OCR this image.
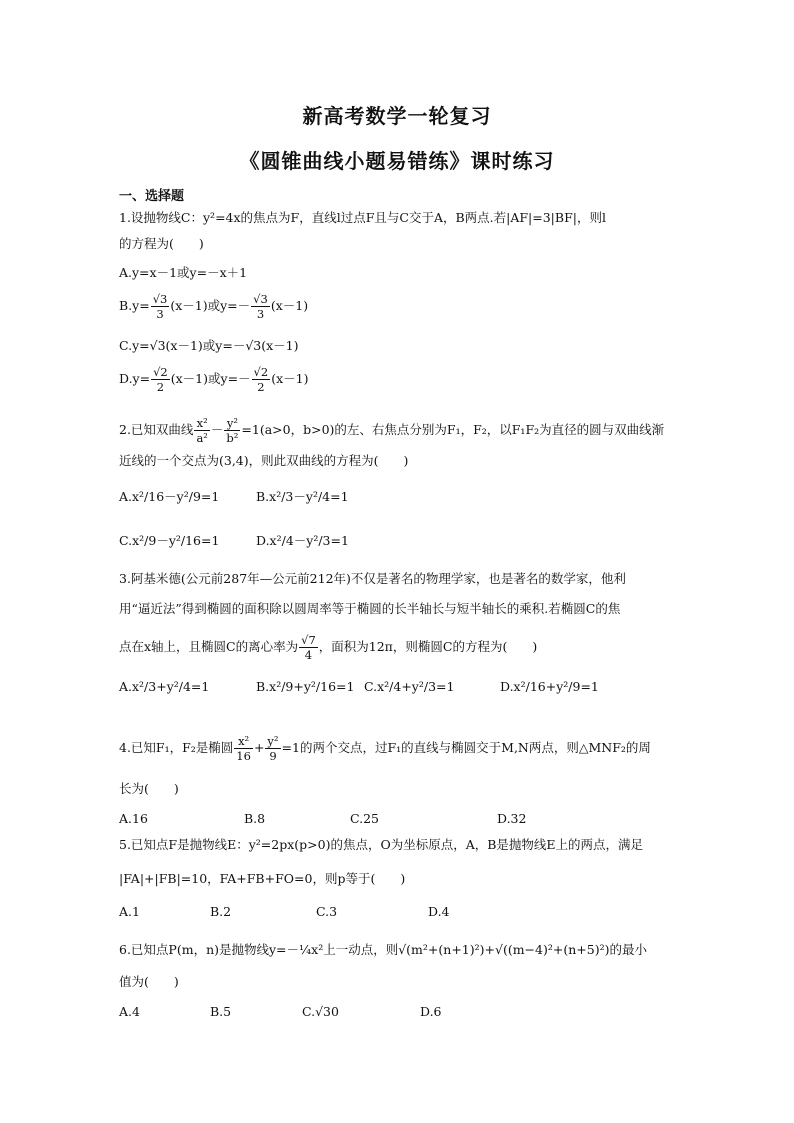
新高考数学一轮复习
《圆锥曲线小题易错练》课时练习
一、选择题
1.设抛物线C：y²=4x的焦点为F，直线l过点F且与C交于A，B两点.若|AF|=3|BF|，则l
的方程为(　　)
A.y=x－1或y=－x＋1
$B.y= \frac{√3}{3} (x-1)$或$y=- \frac{√3}{3} (x-1)$
C.y=√3(x－1)或y=－√3(x－1)
$D.y= \frac{√2}{2} (x-1)$或$y=- \frac{√2}{2} (x-1)$
2.已知双曲线 $\frac{\text{x²}}{\text{a²}} - \frac{\text{y²}}{\text{b²}} =1(a>0$，b>0)的左、右焦点分别为F₁，F₂，以F₁F₂为直径的圆与双曲线渐
近线的一个交点为(3,4)，则此双曲线的方程为(　　)
A.x²/16－y²/9=1	B.x²/3－y²/4=1
C.x²/9－y²/16=1	D.x²/4－y²/3=1
3.阿基米德(公元前287年—公元前212年)不仅是著名的物理学家，也是著名的数学家，他利
用“逼近法”得到椭圆的面积除以圆周率等于椭圆的长半轴长与短半轴长的乘积.若椭圆C的焦
点在x轴上，且椭圆C的离心率为 $\frac{√7}{4}$ ，面积为12π，则椭圆C的方程为(　　)
A.x²/3+y²/4=1	B.x²/9+y²/16=1 C.x²/4+y²/3=1	D.x²/16+y²/9=1
4.已知F₁，F₂是椭圆 $\frac{\text{x²}}{16} + \frac{\text{y²}}{9} =1$的两个交点，过F₁的直线与椭圆交于M,N两点，则△MNF₂的周
长为(　　)
A.16	B.8	C.25	D.32
5.已知点F是抛物线E：y²=2px(p>0)的焦点，O为坐标原点，A，B是抛物线E上的两点，满足
|FA|+|FB|=10，FA+FB+FO=0，则p等于(　　)
A.1	B.2	C.3	D.4
6.已知点P(m，n)是抛物线y=－¼x²上一动点，则√(m²+(n+1)²)+√((m−4)²+(n+5)²)的最小
值为(　　)
A.4	B.5	C.√30	D.6
